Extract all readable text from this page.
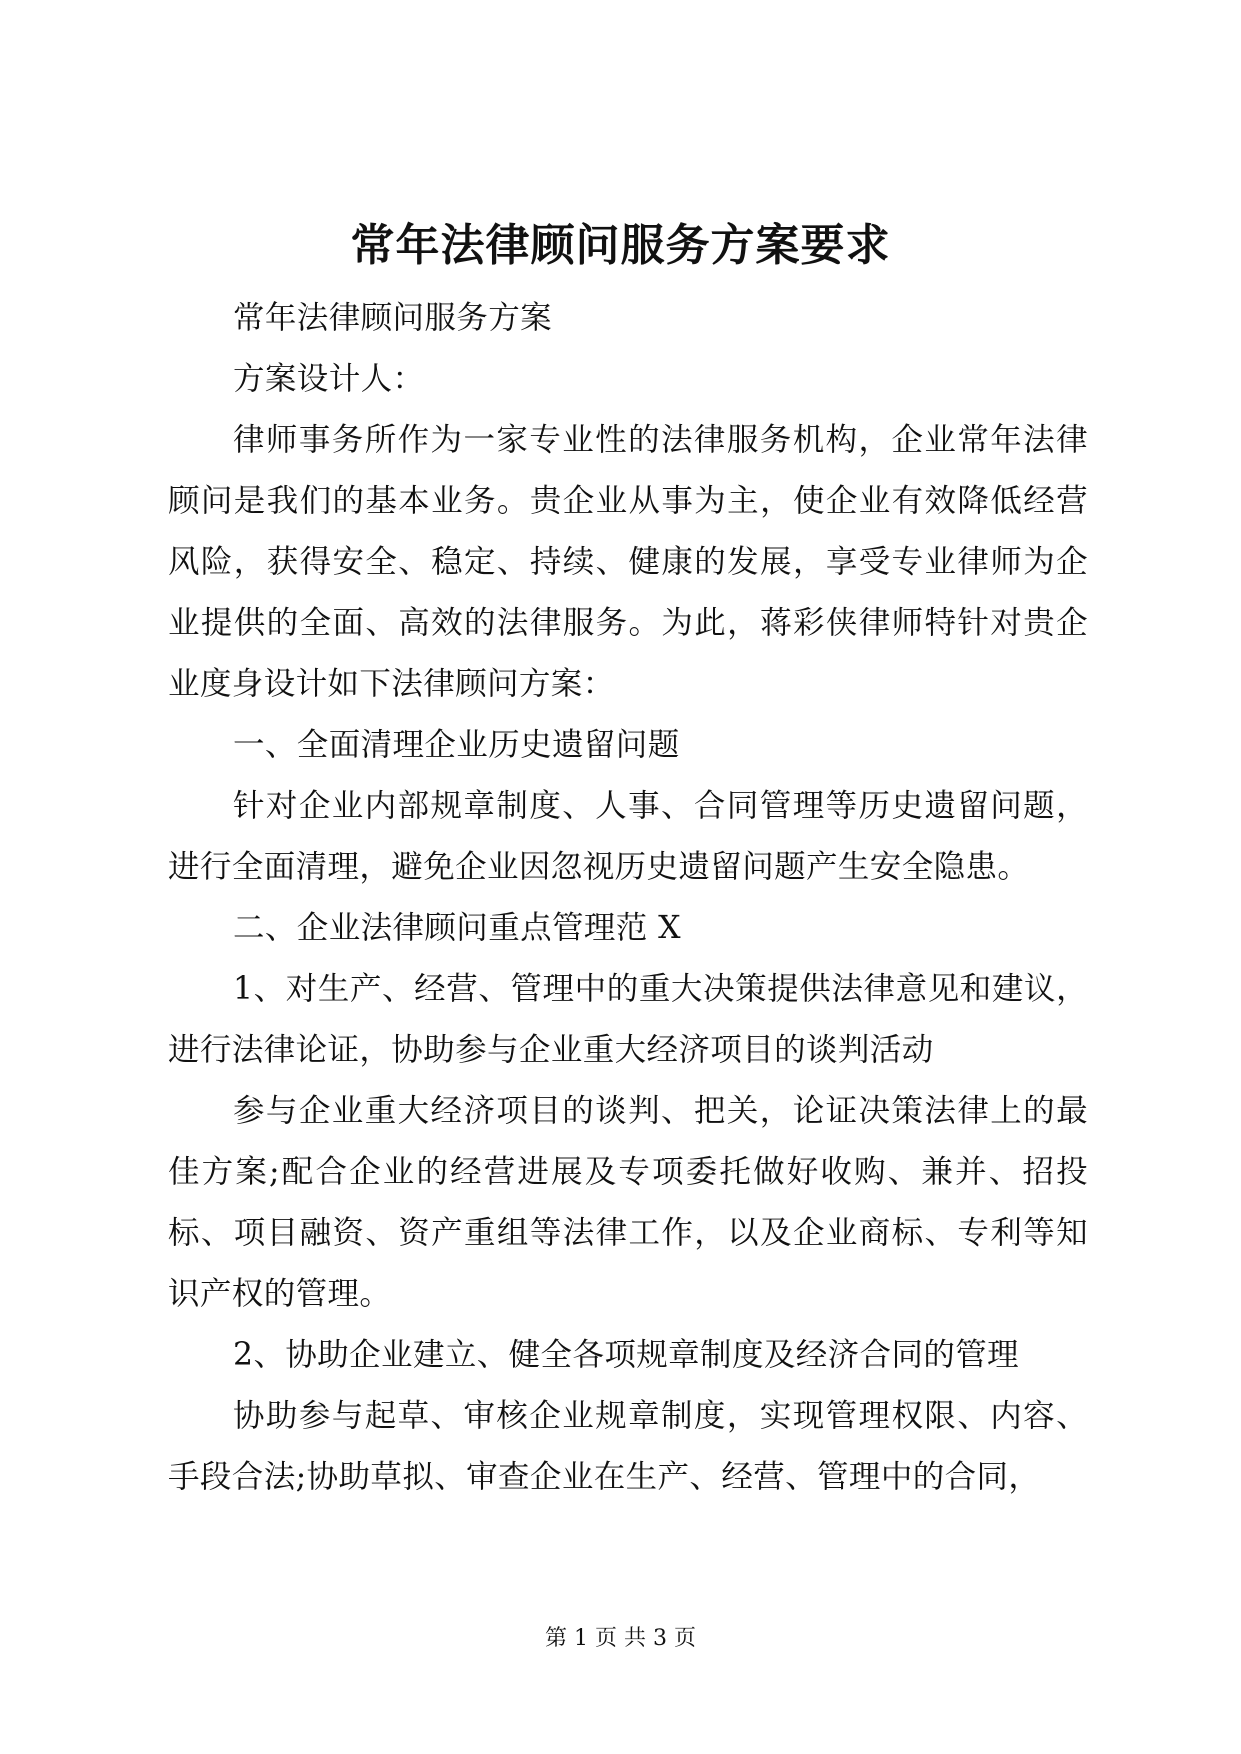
常年法律顾问服务方案要求

常年法律顾问服务方案

方案设计人：

律师事务所作为一家专业性的法律服务机构，企业常年法律顾问是我们的基本业务。贵企业从事为主，使企业有效降低经营风险，获得安全、稳定、持续、健康的发展，享受专业律师为企业提供的全面、高效的法律服务。为此，蒋彩侠律师特针对贵企业度身设计如下法律顾问方案：

一、全面清理企业历史遗留问题

针对企业内部规章制度、人事、合同管理等历史遗留问题，进行全面清理，避免企业因忽视历史遗留问题产生安全隐患。

二、企业法律顾问重点管理范 X

1、对生产、经营、管理中的重大决策提供法律意见和建议，进行法律论证，协助参与企业重大经济项目的谈判活动

参与企业重大经济项目的谈判、把关，论证决策法律上的最佳方案;配合企业的经营进展及专项委托做好收购、兼并、招投标、项目融资、资产重组等法律工作，以及企业商标、专利等知识产权的管理。

2、协助企业建立、健全各项规章制度及经济合同的管理

协助参与起草、审核企业规章制度，实现管理权限、内容、手段合法;协助草拟、审查企业在生产、经营、管理中的合同，

第 1 页 共 3 页
